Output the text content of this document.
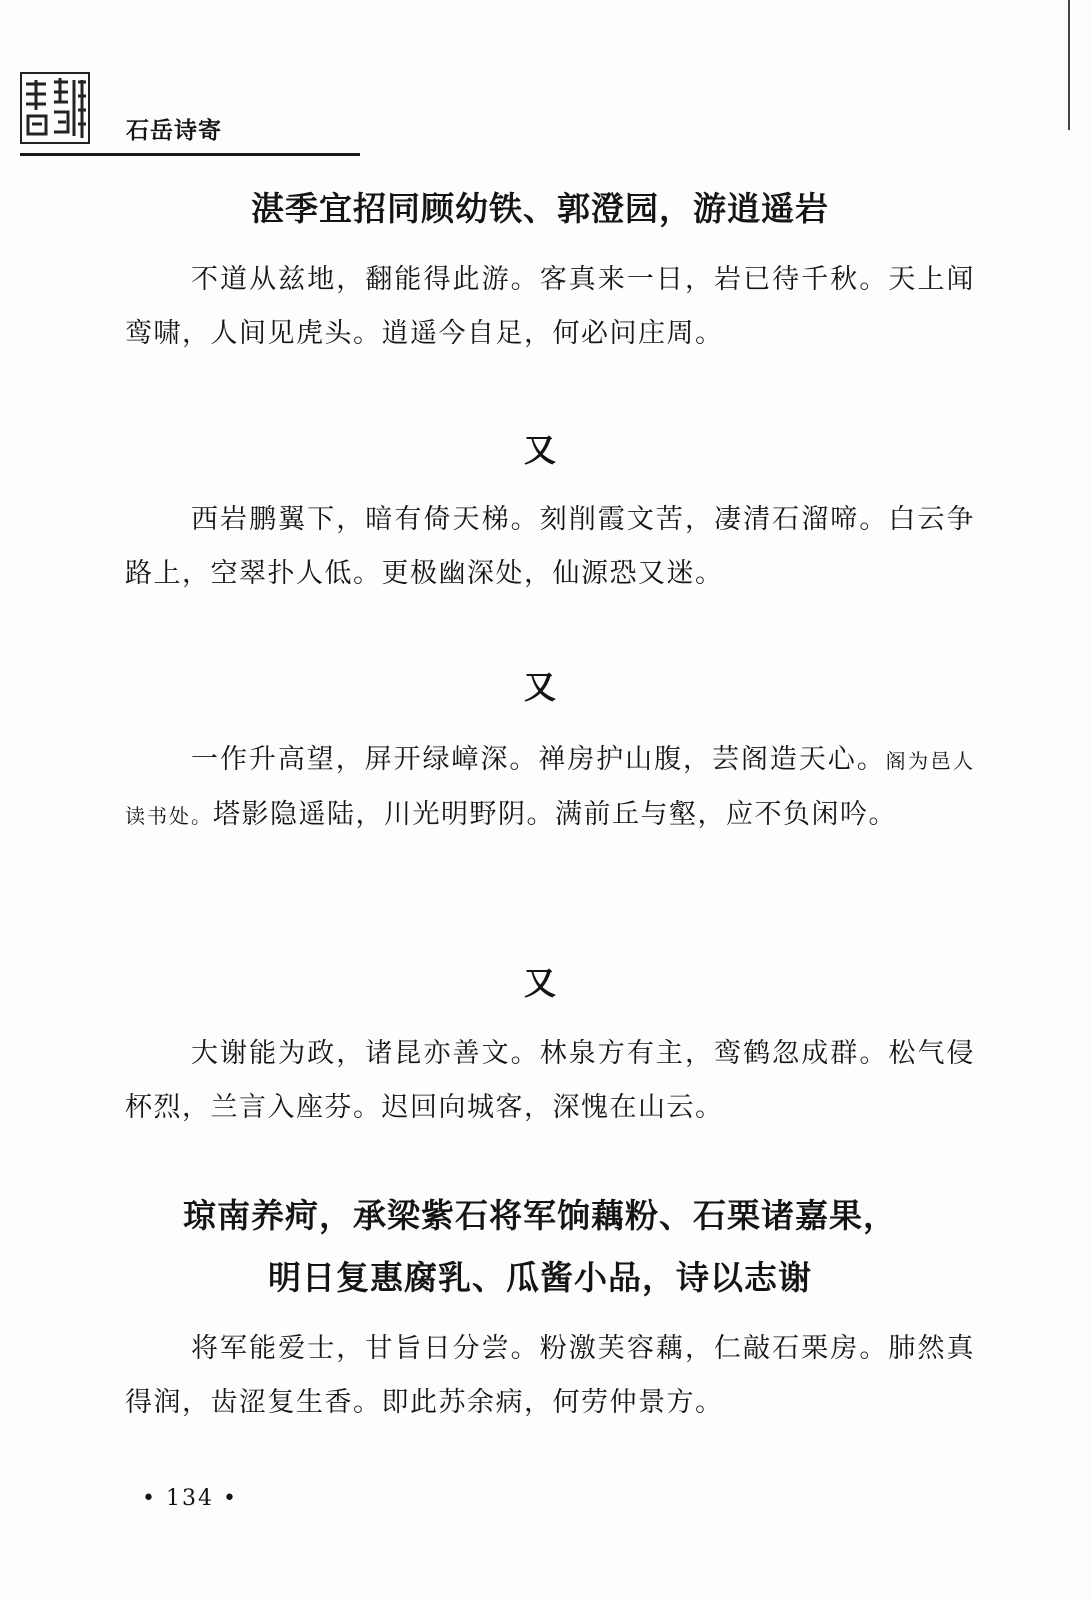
石岳诗寄
湛季宜招同顾幼铁、郭澄园，游逍遥岩
不道从兹地，翻能得此游。客真来一日，岩已待千秋。天上闻鸾啸，人间见虎头。逍遥今自足，何必问庄周。
又
西岩鹏翼下，暗有倚天梯。刻削霞文苦，凄清石溜啼。白云争路上，空翠扑人低。更极幽深处，仙源恐又迷。
又
一作升高望，屏开绿嶂深。禅房护山腹，芸阁造天心。阁为邑人读书处。塔影隐遥陆，川光明野阴。满前丘与壑，应不负闲吟。
又
大谢能为政，诸昆亦善文。林泉方有主，鸾鹤忽成群。松气侵杯烈，兰言入座芬。迟回向城客，深愧在山云。
琼南养疴，承梁紫石将军饷藕粉、石栗诸嘉果，
明日复惠腐乳、瓜酱小品，诗以志谢
将军能爱士，甘旨日分尝。粉激芙容藕，仁敲石栗房。肺然真得润，齿涩复生香。即此苏余病，何劳仲景方。
• 134 •
